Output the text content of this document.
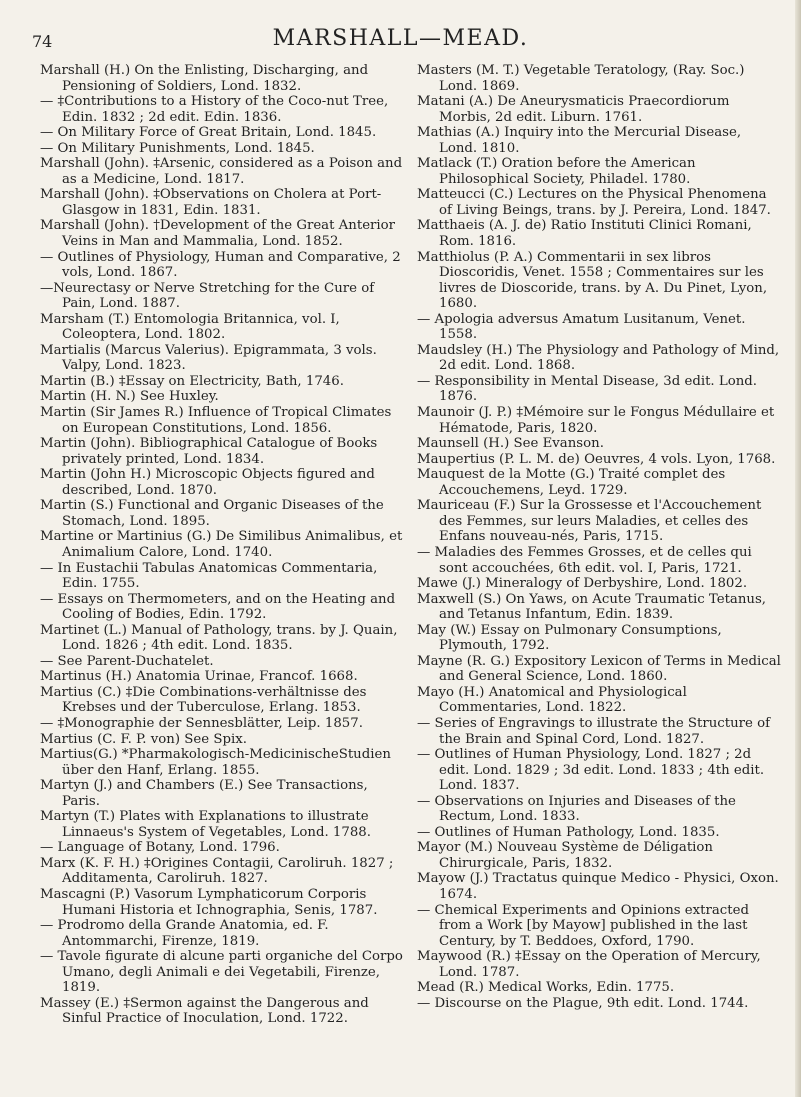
74	MARSHALL—MEAD.

Marshall (H.) On the Enlisting, Discharging, and Pensioning of Soldiers, Lond. 1832.

— ‡Contributions to a History of the Coco-nut Tree, Edin. 1832 ; 2d edit. Edin. 1836.

— On Military Force of Great Britain, Lond. 1845.

— On Military Punishments, Lond. 1845.

Marshall (John). ‡Arsenic, considered as a Poison and as a Medicine, Lond. 1817.

Marshall (John). ‡Observations on Cholera at Port-Glasgow in 1831, Edin. 1831.

Marshall (John). †Development of the Great Anterior Veins in Man and Mammalia, Lond. 1852.

— Outlines of Physiology, Human and Comparative, 2 vols, Lond. 1867.

—Neurectasy or Nerve Stretching for the Cure of Pain, Lond. 1887.

Marsham (T.) Entomologia Britannica, vol. I, Coleoptera, Lond. 1802.

Martialis (Marcus Valerius). Epigrammata, 3 vols. Valpy, Lond. 1823.

Martin (B.) ‡Essay on Electricity, Bath, 1746.

Martin (H. N.) See Huxley.

Martin (Sir James R.) Influence of Tropical Climates on European Constitutions, Lond. 1856.

Martin (John). Bibliographical Catalogue of Books privately printed, Lond. 1834.

Martin (John H.) Microscopic Objects figured and described, Lond. 1870.

Martin (S.) Functional and Organic Diseases of the Stomach, Lond. 1895.

Martine or Martinius (G.) De Similibus Animalibus, et Animalium Calore, Lond. 1740.

— In Eustachii Tabulas Anatomicas Commentaria, Edin. 1755.

— Essays on Thermometers, and on the Heating and Cooling of Bodies, Edin. 1792.

Martinet (L.) Manual of Pathology, trans. by J. Quain, Lond. 1826 ; 4th edit. Lond. 1835.

— See Parent-Duchatelet.

Martinus (H.) Anatomia Urinae, Francof. 1668.

Martius (C.) ‡Die Combinations-verhältnisse des Krebses und der Tuberculose, Erlang. 1853.

— ‡Monographie der Sennesblätter, Leip. 1857.

Martius (C. F. P. von) See Spix.

Martius(G.) *Pharmakologisch-MedicinischeStudien über den Hanf, Erlang. 1855.

Martyn (J.) and Chambers (E.) See Transactions, Paris.

Martyn (T.) Plates with Explanations to illustrate Linnaeus's System of Vegetables, Lond. 1788.

— Language of Botany, Lond. 1796.

Marx (K. F. H.) ‡Origines Contagii, Caroliruh. 1827 ; Additamenta, Caroliruh. 1827.

Mascagni (P.) Vasorum Lymphaticorum Corporis Humani Historia et Ichnographia, Senis, 1787.

— Prodromo della Grande Anatomia, ed. F. Antommarchi, Firenze, 1819.

— Tavole figurate di alcune parti organiche del Corpo Umano, degli Animali e dei Vegetabili, Firenze, 1819.

Massey (E.) ‡Sermon against the Dangerous and Sinful Practice of Inoculation, Lond. 1722.

Masters (M. T.) Vegetable Teratology, (Ray. Soc.) Lond. 1869.

Matani (A.) De Aneurysmaticis Praecordiorum Morbis, 2d edit. Liburn. 1761.

Mathias (A.) Inquiry into the Mercurial Disease, Lond. 1810.

Matlack (T.) Oration before the American Philosophical Society, Philadel. 1780.

Matteucci (C.) Lectures on the Physical Phenomena of Living Beings, trans. by J. Pereira, Lond. 1847.

Matthaeis (A. J. de) Ratio Instituti Clinici Romani, Rom. 1816.

Matthiolus (P. A.) Commentarii in sex libros Dioscoridis, Venet. 1558 ; Commentaires sur les livres de Dioscoride, trans. by A. Du Pinet, Lyon, 1680.

— Apologia adversus Amatum Lusitanum, Venet. 1558.

Maudsley (H.) The Physiology and Pathology of Mind, 2d edit. Lond. 1868.

— Responsibility in Mental Disease, 3d edit. Lond. 1876.

Maunoir (J. P.) ‡Mémoire sur le Fongus Médullaire et Hématode, Paris, 1820.

Maunsell (H.) See Evanson.

Maupertius (P. L. M. de) Oeuvres, 4 vols. Lyon, 1768.

Mauquest de la Motte (G.) Traité complet des Accouchemens, Leyd. 1729.

Mauriceau (F.) Sur la Grossesse et l'Accouchement des Femmes, sur leurs Maladies, et celles des Enfans nouveau-nés, Paris, 1715.

— Maladies des Femmes Grosses, et de celles qui sont accouchées, 6th edit. vol. I, Paris, 1721.

Mawe (J.) Mineralogy of Derbyshire, Lond. 1802.

Maxwell (S.) On Yaws, on Acute Traumatic Tetanus, and Tetanus Infantum, Edin. 1839.

May (W.) Essay on Pulmonary Consumptions, Plymouth, 1792.

Mayne (R. G.) Expository Lexicon of Terms in Medical and General Science, Lond. 1860.

Mayo (H.) Anatomical and Physiological Commentaries, Lond. 1822.

— Series of Engravings to illustrate the Structure of the Brain and Spinal Cord, Lond. 1827.

— Outlines of Human Physiology, Lond. 1827 ; 2d edit. Lond. 1829 ; 3d edit. Lond. 1833 ; 4th edit. Lond. 1837.

— Observations on Injuries and Diseases of the Rectum, Lond. 1833.

— Outlines of Human Pathology, Lond. 1835.

Mayor (M.) Nouveau Système de Déligation Chirurgicale, Paris, 1832.

Mayow (J.) Tractatus quinque Medico - Physici, Oxon. 1674.

— Chemical Experiments and Opinions extracted from a Work [by Mayow] published in the last Century, by T. Beddoes, Oxford, 1790.

Maywood (R.) ‡Essay on the Operation of Mercury, Lond. 1787.

Mead (R.) Medical Works, Edin. 1775.

— Discourse on the Plague, 9th edit. Lond. 1744.
